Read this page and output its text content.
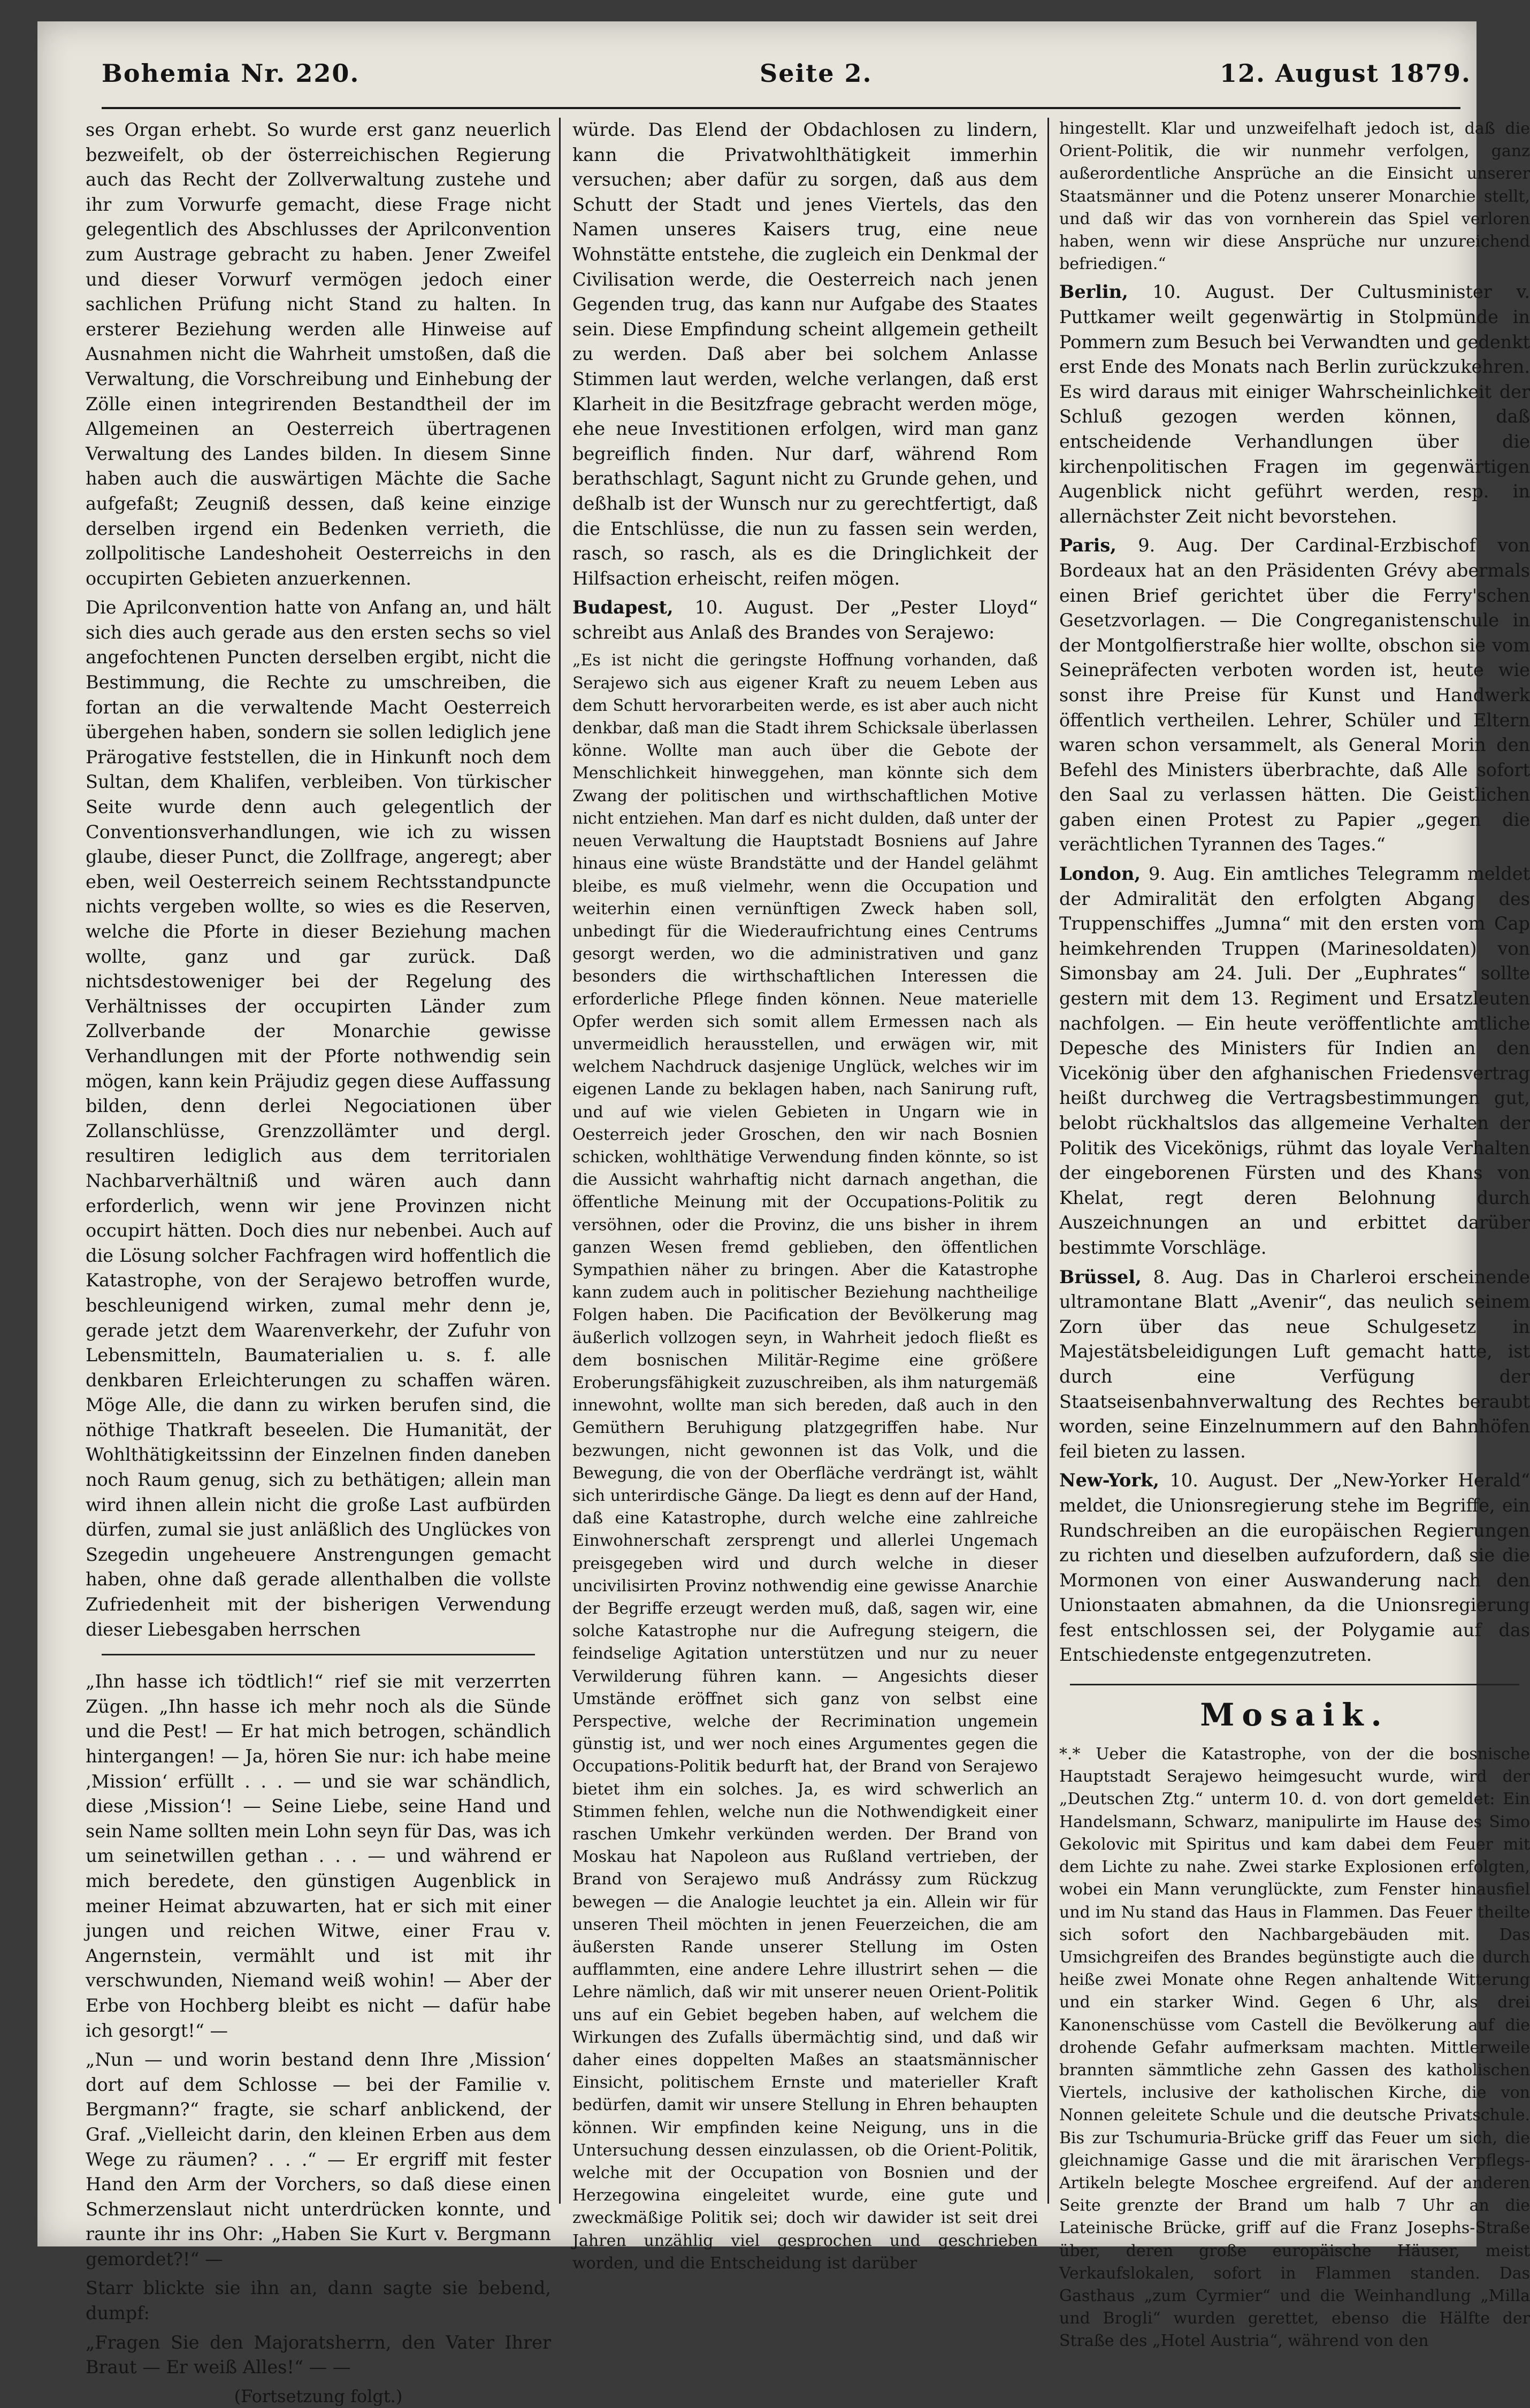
Bohemia Nr. 220.	Seite 2.	12. August 1879.

ses Organ erhebt. So wurde erst ganz neuerlich bezweifelt, ob der österreichischen Regierung auch das Recht der Zollverwaltung zustehe und ihr zum Vorwurfe gemacht, diese Frage nicht gelegentlich des Abschlusses der Aprilconvention zum Austrage gebracht zu haben. Jener Zweifel und dieser Vorwurf vermögen jedoch einer sachlichen Prüfung nicht Stand zu halten. In ersterer Beziehung werden alle Hinweise auf Ausnahmen nicht die Wahrheit umstoßen, daß die Verwaltung, die Vorschreibung und Einhebung der Zölle einen integrirenden Bestandtheil der im Allgemeinen an Oesterreich übertragenen Verwaltung des Landes bilden. In diesem Sinne haben auch die auswärtigen Mächte die Sache aufgefaßt; Zeugniß dessen, daß keine einzige derselben irgend ein Bedenken verrieth, die zollpolitische Landeshoheit Oesterreichs in den occupirten Gebieten anzuerkennen.

Die Aprilconvention hatte von Anfang an, und hält sich dies auch gerade aus den ersten sechs so viel angefochtenen Puncten derselben ergibt, nicht die Bestimmung, die Rechte zu umschreiben, die fortan an die verwaltende Macht Oesterreich übergehen haben, sondern sie sollen lediglich jene Prärogative feststellen, die in Hinkunft noch dem Sultan, dem Khalifen, verbleiben. Von türkischer Seite wurde denn auch gelegentlich der Conventionsverhandlungen, wie ich zu wissen glaube, dieser Punct, die Zollfrage, angeregt; aber eben, weil Oesterreich seinem Rechtsstandpuncte nichts vergeben wollte, so wies es die Reserven, welche die Pforte in dieser Beziehung machen wollte, ganz und gar zurück. Daß nichtsdestoweniger bei der Regelung des Verhältnisses der occupirten Länder zum Zollverbande der Monarchie gewisse Verhandlungen mit der Pforte nothwendig sein mögen, kann kein Präjudiz gegen diese Auffassung bilden, denn derlei Negociationen über Zollanschlüsse, Grenzzollämter und dergl. resultiren lediglich aus dem territorialen Nachbarverhältniß und wären auch dann erforderlich, wenn wir jene Provinzen nicht occupirt hätten. Doch dies nur nebenbei. Auch auf die Lösung solcher Fachfragen wird hoffentlich die Katastrophe, von der Serajewo betroffen wurde, beschleunigend wirken, zumal mehr denn je, gerade jetzt dem Waarenverkehr, der Zufuhr von Lebensmitteln, Baumaterialien u. s. f. alle denkbaren Erleichterungen zu schaffen wären. Möge Alle, die dann zu wirken berufen sind, die nöthige Thatkraft beseelen. Die Humanität, der Wohlthätigkeitssinn der Einzelnen finden daneben noch Raum genug, sich zu bethätigen; allein man wird ihnen allein nicht die große Last aufbürden dürfen, zumal sie just anläßlich des Unglückes von Szegedin ungeheuere Anstrengungen gemacht haben, ohne daß gerade allenthalben die vollste Zufriedenheit mit der bisherigen Verwendung dieser Liebesgaben herrschen

„Ihn hasse ich tödtlich!“ rief sie mit verzerrten Zügen. „Ihn hasse ich mehr noch als die Sünde und die Pest! — Er hat mich betrogen, schändlich hintergangen! — Ja, hören Sie nur: ich habe meine ‚Mission‘ erfüllt . . . — und sie war schändlich, diese ‚Mission‘! — Seine Liebe, seine Hand und sein Name sollten mein Lohn seyn für Das, was ich um seinetwillen gethan . . . — und während er mich beredete, den günstigen Augenblick in meiner Heimat abzuwarten, hat er sich mit einer jungen und reichen Witwe, einer Frau v. Angernstein, vermählt und ist mit ihr verschwunden, Niemand weiß wohin! — Aber der Erbe von Hochberg bleibt es nicht — dafür habe ich gesorgt!“ —

„Nun — und worin bestand denn Ihre ‚Mission‘ dort auf dem Schlosse — bei der Familie v. Bergmann?“ fragte, sie scharf anblickend, der Graf. „Vielleicht darin, den kleinen Erben aus dem Wege zu räumen? . . .“ — Er ergriff mit fester Hand den Arm der Vorchers, so daß diese einen Schmerzenslaut nicht unterdrücken konnte, und raunte ihr ins Ohr: „Haben Sie Kurt v. Bergmann gemordet?!“ —

Starr blickte sie ihn an, dann sagte sie bebend, dumpf:

„Fragen Sie den Majoratsherrn, den Vater Ihrer Braut — Er weiß Alles!“ — —

(Fortsetzung folgt.)

würde. Das Elend der Obdachlosen zu lindern, kann die Privatwohlthätigkeit immerhin versuchen; aber dafür zu sorgen, daß aus dem Schutt der Stadt und jenes Viertels, das den Namen unseres Kaisers trug, eine neue Wohnstätte entstehe, die zugleich ein Denkmal der Civilisation werde, die Oesterreich nach jenen Gegenden trug, das kann nur Aufgabe des Staates sein. Diese Empfindung scheint allgemein getheilt zu werden. Daß aber bei solchem Anlasse Stimmen laut werden, welche verlangen, daß erst Klarheit in die Besitzfrage gebracht werden möge, ehe neue Investitionen erfolgen, wird man ganz begreiflich finden. Nur darf, während Rom berathschlagt, Sagunt nicht zu Grunde gehen, und deßhalb ist der Wunsch nur zu gerechtfertigt, daß die Entschlüsse, die nun zu fassen sein werden, rasch, so rasch, als es die Dringlichkeit der Hilfsaction erheischt, reifen mögen.

Budapest, 10. August. Der „Pester Lloyd“ schreibt aus Anlaß des Brandes von Serajewo:

„Es ist nicht die geringste Hoffnung vorhanden, daß Serajewo sich aus eigener Kraft zu neuem Leben aus dem Schutt hervorarbeiten werde, es ist aber auch nicht denkbar, daß man die Stadt ihrem Schicksale überlassen könne. Wollte man auch über die Gebote der Menschlichkeit hinweggehen, man könnte sich dem Zwang der politischen und wirthschaftlichen Motive nicht entziehen. Man darf es nicht dulden, daß unter der neuen Verwaltung die Hauptstadt Bosniens auf Jahre hinaus eine wüste Brandstätte und der Handel gelähmt bleibe, es muß vielmehr, wenn die Occupation und weiterhin einen vernünftigen Zweck haben soll, unbedingt für die Wiederaufrichtung eines Centrums gesorgt werden, wo die administrativen und ganz besonders die wirthschaftlichen Interessen die erforderliche Pflege finden können. Neue materielle Opfer werden sich somit allem Ermessen nach als unvermeidlich herausstellen, und erwägen wir, mit welchem Nachdruck dasjenige Unglück, welches wir im eigenen Lande zu beklagen haben, nach Sanirung ruft, und auf wie vielen Gebieten in Ungarn wie in Oesterreich jeder Groschen, den wir nach Bosnien schicken, wohlthätige Verwendung finden könnte, so ist die Aussicht wahrhaftig nicht darnach angethan, die öffentliche Meinung mit der Occupations-Politik zu versöhnen, oder die Provinz, die uns bisher in ihrem ganzen Wesen fremd geblieben, den öffentlichen Sympathien näher zu bringen. Aber die Katastrophe kann zudem auch in politischer Beziehung nachtheilige Folgen haben. Die Pacification der Bevölkerung mag äußerlich vollzogen seyn, in Wahrheit jedoch fließt es dem bosnischen Militär-Regime eine größere Eroberungsfähigkeit zuzuschreiben, als ihm naturgemäß innewohnt, wollte man sich bereden, daß auch in den Gemüthern Beruhigung platzgegriffen habe. Nur bezwungen, nicht gewonnen ist das Volk, und die Bewegung, die von der Oberfläche verdrängt ist, wählt sich unterirdische Gänge. Da liegt es denn auf der Hand, daß eine Katastrophe, durch welche eine zahlreiche Einwohnerschaft zersprengt und allerlei Ungemach preisgegeben wird und durch welche in dieser uncivilisirten Provinz nothwendig eine gewisse Anarchie der Begriffe erzeugt werden muß, daß, sagen wir, eine solche Katastrophe nur die Aufregung steigern, die feindselige Agitation unterstützen und nur zu neuer Verwilderung führen kann. — Angesichts dieser Umstände eröffnet sich ganz von selbst eine Perspective, welche der Recrimination ungemein günstig ist, und wer noch eines Argumentes gegen die Occupations-Politik bedurft hat, der Brand von Serajewo bietet ihm ein solches. Ja, es wird schwerlich an Stimmen fehlen, welche nun die Nothwendigkeit einer raschen Umkehr verkünden werden. Der Brand von Moskau hat Napoleon aus Rußland vertrieben, der Brand von Serajewo muß Andrássy zum Rückzug bewegen — die Analogie leuchtet ja ein. Allein wir für unseren Theil möchten in jenen Feuerzeichen, die am äußersten Rande unserer Stellung im Osten aufflammten, eine andere Lehre illustrirt sehen — die Lehre nämlich, daß wir mit unserer neuen Orient-Politik uns auf ein Gebiet begeben haben, auf welchem die Wirkungen des Zufalls übermächtig sind, und daß wir daher eines doppelten Maßes an staatsmännischer Einsicht, politischem Ernste und materieller Kraft bedürfen, damit wir unsere Stellung in Ehren behaupten können. Wir empfinden keine Neigung, uns in die Untersuchung dessen einzulassen, ob die Orient-Politik, welche mit der Occupation von Bosnien und der Herzegowina eingeleitet wurde, eine gute und zweckmäßige Politik sei; doch wir dawider ist seit drei Jahren unzählig viel gesprochen und geschrieben worden, und die Entscheidung ist darüber

hingestellt. Klar und unzweifelhaft jedoch ist, daß die Orient-Politik, die wir nunmehr verfolgen, ganz außerordentliche Ansprüche an die Einsicht unserer Staatsmänner und die Potenz unserer Monarchie stellt, und daß wir das von vornherein das Spiel verloren haben, wenn wir diese Ansprüche nur unzureichend befriedigen.“

Berlin, 10. August. Der Cultusminister v. Puttkamer weilt gegenwärtig in Stolpmünde in Pommern zum Besuch bei Verwandten und gedenkt erst Ende des Monats nach Berlin zurückzukehren. Es wird daraus mit einiger Wahrscheinlichkeit der Schluß gezogen werden können, daß entscheidende Verhandlungen über die kirchenpolitischen Fragen im gegenwärtigen Augenblick nicht geführt werden, resp. in allernächster Zeit nicht bevorstehen.

Paris, 9. Aug. Der Cardinal-Erzbischof von Bordeaux hat an den Präsidenten Grévy abermals einen Brief gerichtet über die Ferry'schen Gesetzvorlagen. — Die Congreganistenschule in der Montgolfierstraße hier wollte, obschon sie vom Seinepräfecten verboten worden ist, heute wie sonst ihre Preise für Kunst und Handwerk öffentlich vertheilen. Lehrer, Schüler und Eltern waren schon versammelt, als General Morin den Befehl des Ministers überbrachte, daß Alle sofort den Saal zu verlassen hätten. Die Geistlichen gaben einen Protest zu Papier „gegen die verächtlichen Tyrannen des Tages.“

London, 9. Aug. Ein amtliches Telegramm meldet der Admiralität den erfolgten Abgang des Truppenschiffes „Jumna“ mit den ersten vom Cap heimkehrenden Truppen (Marinesoldaten) von Simonsbay am 24. Juli. Der „Euphrates“ sollte gestern mit dem 13. Regiment und Ersatzleuten nachfolgen. — Ein heute veröffentlichte amtliche Depesche des Ministers für Indien an den Vicekönig über den afghanischen Friedensvertrag heißt durchweg die Vertragsbestimmungen gut, belobt rückhaltslos das allgemeine Verhalten der Politik des Vicekönigs, rühmt das loyale Verhalten der eingeborenen Fürsten und des Khans von Khelat, regt deren Belohnung durch Auszeichnungen an und erbittet darüber bestimmte Vorschläge.

Brüssel, 8. Aug. Das in Charleroi erscheinende ultramontane Blatt „Avenir“, das neulich seinem Zorn über das neue Schulgesetz in Majestätsbeleidigungen Luft gemacht hatte, ist durch eine Verfügung der Staatseisenbahnverwaltung des Rechtes beraubt worden, seine Einzelnummern auf den Bahnhöfen feil bieten zu lassen.

New-York, 10. August. Der „New-Yorker Herald“ meldet, die Unionsregierung stehe im Begriffe, ein Rundschreiben an die europäischen Regierungen zu richten und dieselben aufzufordern, daß sie die Mormonen von einer Auswanderung nach den Unionstaaten abmahnen, da die Unionsregierung fest entschlossen sei, der Polygamie auf das Entschiedenste entgegenzutreten.

Mosaik.

*.* Ueber die Katastrophe, von der die bosnische Hauptstadt Serajewo heimgesucht wurde, wird der „Deutschen Ztg.“ unterm 10. d. von dort gemeldet: Ein Handelsmann, Schwarz, manipulirte im Hause des Simo Gekolovic mit Spiritus und kam dabei dem Feuer mit dem Lichte zu nahe. Zwei starke Explosionen erfolgten, wobei ein Mann verunglückte, zum Fenster hinausfiel und im Nu stand das Haus in Flammen. Das Feuer theilte sich sofort den Nachbargebäuden mit. Das Umsichgreifen des Brandes begünstigte auch die durch heiße zwei Monate ohne Regen anhaltende Witterung und ein starker Wind. Gegen 6 Uhr, als drei Kanonenschüsse vom Castell die Bevölkerung auf die drohende Gefahr aufmerksam machten. Mittlerweile brannten sämmtliche zehn Gassen des katholischen Viertels, inclusive der katholischen Kirche, die von Nonnen geleitete Schule und die deutsche Privatschule. Bis zur Tschumuria-Brücke griff das Feuer um sich, die gleichnamige Gasse und die mit ärarischen Verpflegs-Artikeln belegte Moschee ergreifend. Auf der anderen Seite grenzte der Brand um halb 7 Uhr an die Lateinische Brücke, griff auf die Franz Josephs-Straße über, deren große europäische Häuser, meist Verkaufslokalen, sofort in Flammen standen. Das Gasthaus „zum Cyrmier“ und die Weinhandlung „Milla und Brogli“ wurden gerettet, ebenso die Hälfte der Straße des „Hotel Austria“, während von den
